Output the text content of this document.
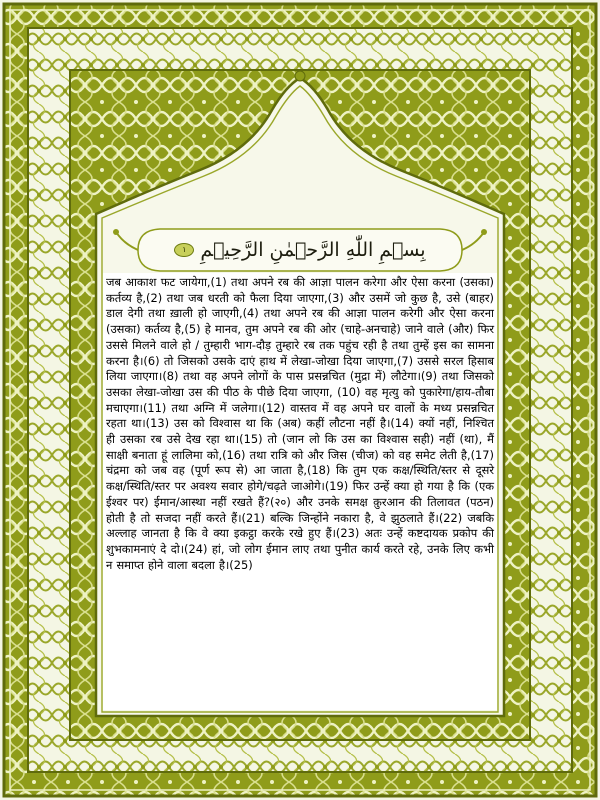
بِسۡمِ اللّٰهِ الرَّحۡمٰنِ الرَّحِيۡمِ
١

जब आकाश फट जायेगा,(1) तथा अपने रब की आज्ञा पालन करेगा और ऐसा करना (उसका) कर्तव्य है,(2) तथा जब धरती को फैला दिया जाएगा,(3) और उसमें जो कुछ है, उसे (बाहर) डाल देगी तथा ख़ाली हो जाएगी,(4) तथा अपने रब की आज्ञा पालन करेगी और ऐसा करना (उसका) कर्तव्य है,(5) हे मानव, तुम अपने रब की ओर (चाहे-अनचाहे) जाने वाले (और) फिर उससे मिलने वाले हो / तुम्हारी भाग-दौड़ तुम्हारे रब तक पहुंच रही है तथा तुम्हें इस का सामना करना है।(6) तो जिसको उसके दाएं हाथ में लेखा-जोखा दिया जाएगा,(7) उससे सरल हिसाब लिया जाएगा।(8) तथा वह अपने लोगों के पास प्रसन्नचित (मुद्रा में) लौटेगा।(9) तथा जिसको उसका लेखा-जोखा उस की पीठ के पीछे दिया जाएगा, (10) वह मृत्यु को पुकारेगा/हाय-तौबा मचाएगा।(11) तथा अग्नि में जलेगा।(12) वास्तव में वह अपने घर वालों के मध्य प्रसन्नचित रहता था।(13) उस को विश्वास था कि (अब) कहीं लौटना नहीं है।(14) क्यों नहीं, निश्चित ही उसका रब उसे देख रहा था।(15) तो (जान लो कि उस का विश्वास सही) नहीं (था), मैं साक्षी बनाता हूं लालिमा को,(16) तथा रात्रि को और जिस (चीज) को वह समेट लेती है,(17) चंद्रमा को जब वह (पूर्ण रूप से) आ जाता है,(18) कि तुम एक कक्ष/स्थिति/स्तर से दूसरे कक्ष/स्थिति/स्तर पर अवश्य सवार होगे/चढ़ते जाओगे।(19) फिर उन्हें क्या हो गया है कि (एक ईश्वर पर) ईमान/आस्था नहीं रखते हैं?(२०) और उनके समक्ष क़ुरआन की तिलावत (पठन) होती है तो सजदा नहीं करते हैं।(21) बल्कि जिन्होंने नकारा है, वे झुठलाते हैं।(22) जबकि अल्लाह जानता है कि वे क्या इकट्ठा करके रखे हुए हैं।(23) अतः उन्हें कष्टदायक प्रकोप की शुभकामनाएं दे दो।(24) हां, जो लोग ईमान लाए तथा पुनीत कार्य करते रहे, उनके लिए कभी न समाप्त होने वाला बदला है।(25)
